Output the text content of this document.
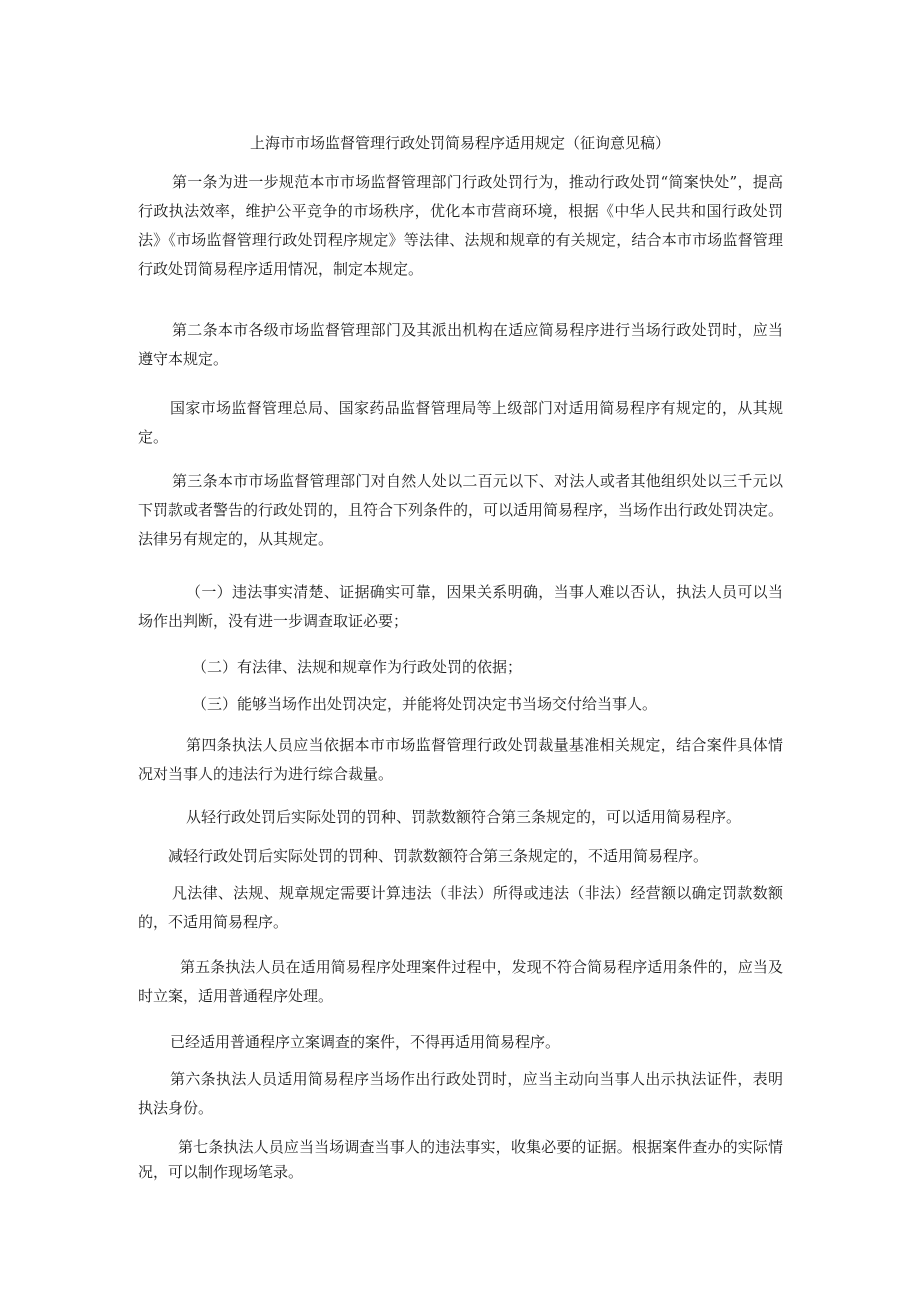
上海市市场监督管理行政处罚简易程序适用规定（征询意见稿）

第一条为进一步规范本市市场监督管理部门行政处罚行为，推动行政处罚“简案快处”，提高行政执法效率，维护公平竞争的市场秩序，优化本市营商环境，根据《中华人民共和国行政处罚法》《市场监督管理行政处罚程序规定》等法律、法规和规章的有关规定，结合本市市场监督管理行政处罚简易程序适用情况，制定本规定。

第二条本市各级市场监督管理部门及其派出机构在适应简易程序进行当场行政处罚时，应当遵守本规定。

国家市场监督管理总局、国家药品监督管理局等上级部门对适用简易程序有规定的，从其规定。

第三条本市市场监督管理部门对自然人处以二百元以下、对法人或者其他组织处以三千元以下罚款或者警告的行政处罚的，且符合下列条件的，可以适用简易程序，当场作出行政处罚决定。法律另有规定的，从其规定。

（一）违法事实清楚、证据确实可靠，因果关系明确，当事人难以否认，执法人员可以当场作出判断，没有进一步调查取证必要；

（二）有法律、法规和规章作为行政处罚的依据；

（三）能够当场作出处罚决定，并能将处罚决定书当场交付给当事人。

第四条执法人员应当依据本市市场监督管理行政处罚裁量基准相关规定，结合案件具体情况对当事人的违法行为进行综合裁量。

从轻行政处罚后实际处罚的罚种、罚款数额符合第三条规定的，可以适用简易程序。

减轻行政处罚后实际处罚的罚种、罚款数额符合第三条规定的，不适用简易程序。

凡法律、法规、规章规定需要计算违法（非法）所得或违法（非法）经营额以确定罚款数额的，不适用简易程序。

第五条执法人员在适用简易程序处理案件过程中，发现不符合简易程序适用条件的，应当及时立案，适用普通程序处理。

已经适用普通程序立案调查的案件，不得再适用简易程序。

第六条执法人员适用简易程序当场作出行政处罚时，应当主动向当事人出示执法证件，表明执法身份。

第七条执法人员应当当场调查当事人的违法事实，收集必要的证据。根据案件查办的实际情况，可以制作现场笔录。
